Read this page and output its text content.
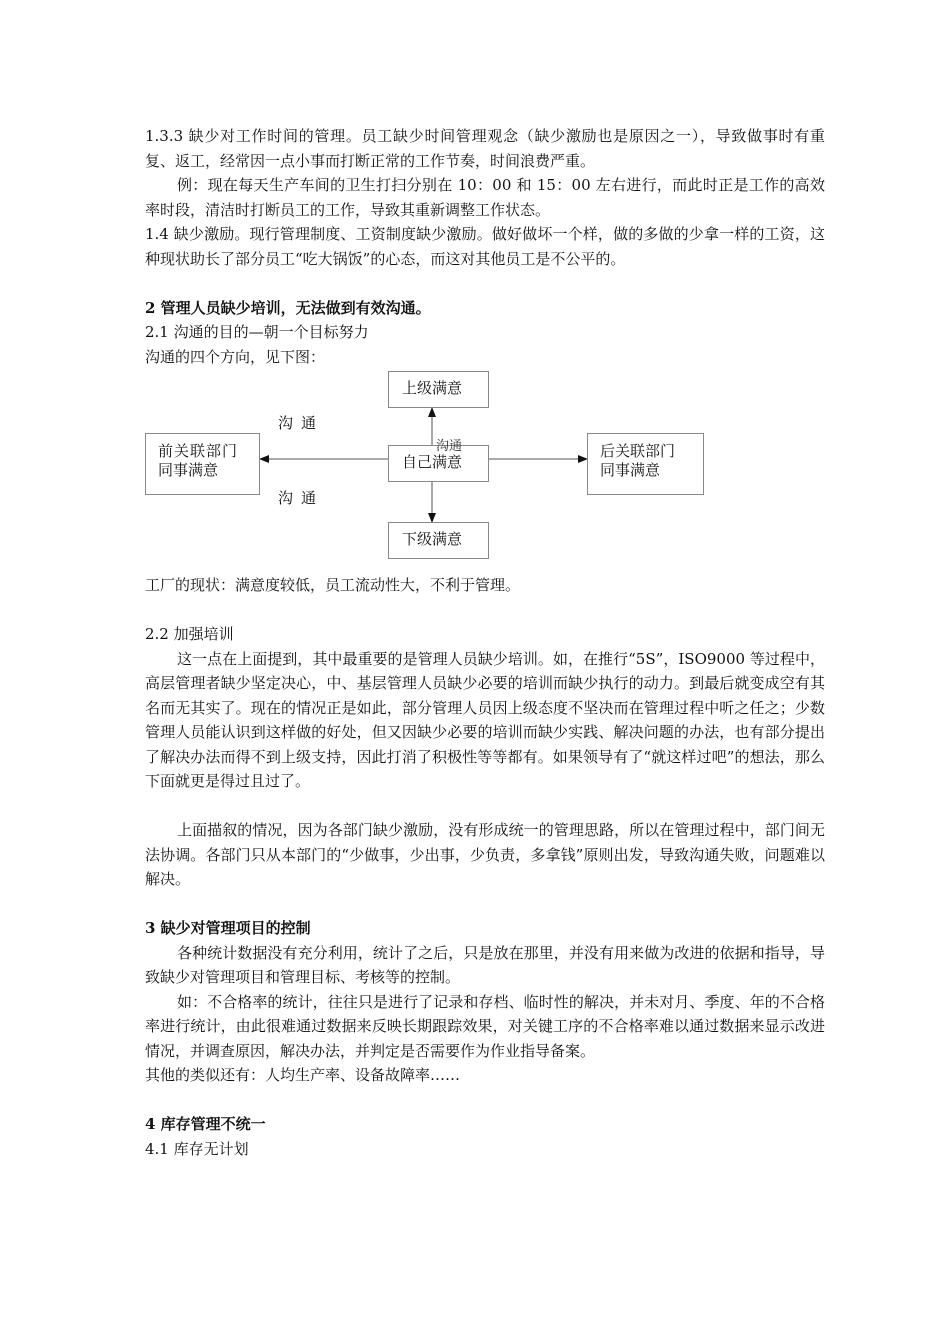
1.3.3 缺少对工作时间的管理。员工缺少时间管理观念（缺少激励也是原因之一），导致做事时有重复、返工，经常因一点小事而打断正常的工作节奏，时间浪费严重。

例：现在每天生产车间的卫生打扫分别在 10：00 和 15：00 左右进行，而此时正是工作的高效率时段，清洁时打断员工的工作，导致其重新调整工作状态。

1.4 缺少激励。现行管理制度、工资制度缺少激励。做好做坏一个样，做的多做的少拿一样的工资，这种现状助长了部分员工“吃大锅饭”的心态，而这对其他员工是不公平的。

2 管理人员缺少培训，无法做到有效沟通。

2.1 沟通的目的—朝一个目标努力

沟通的四个方向，见下图：

上级满意
自己满意
下级满意
前关联部门
同事满意
后关联部门
同事满意
沟通
沟通

工厂的现状：满意度较低，员工流动性大，不利于管理。

2.2 加强培训

这一点在上面提到，其中最重要的是管理人员缺少培训。如，在推行“5S”，ISO9000 等过程中，高层管理者缺少坚定决心，中、基层管理人员缺少必要的培训而缺少执行的动力。到最后就变成空有其名而无其实了。现在的情况正是如此，部分管理人员因上级态度不坚决而在管理过程中听之任之；少数管理人员能认识到这样做的好处，但又因缺少必要的培训而缺少实践、解决问题的办法，也有部分提出了解决办法而得不到上级支持，因此打消了积极性等等都有。如果领导有了“就这样过吧”的想法，那么下面就更是得过且过了。

上面描叙的情况，因为各部门缺少激励，没有形成统一的管理思路，所以在管理过程中，部门间无法协调。各部门只从本部门的“少做事，少出事，少负责，多拿钱”原则出发，导致沟通失败，问题难以解决。

3 缺少对管理项目的控制

各种统计数据没有充分利用，统计了之后，只是放在那里，并没有用来做为改进的依据和指导，导致缺少对管理项目和管理目标、考核等的控制。

如：不合格率的统计，往往只是进行了记录和存档、临时性的解决，并未对月、季度、年的不合格率进行统计，由此很难通过数据来反映长期跟踪效果，对关键工序的不合格率难以通过数据来显示改进情况，并调查原因，解决办法，并判定是否需要作为作业指导备案。

其他的类似还有：人均生产率、设备故障率……

4 库存管理不统一

4.1 库存无计划
